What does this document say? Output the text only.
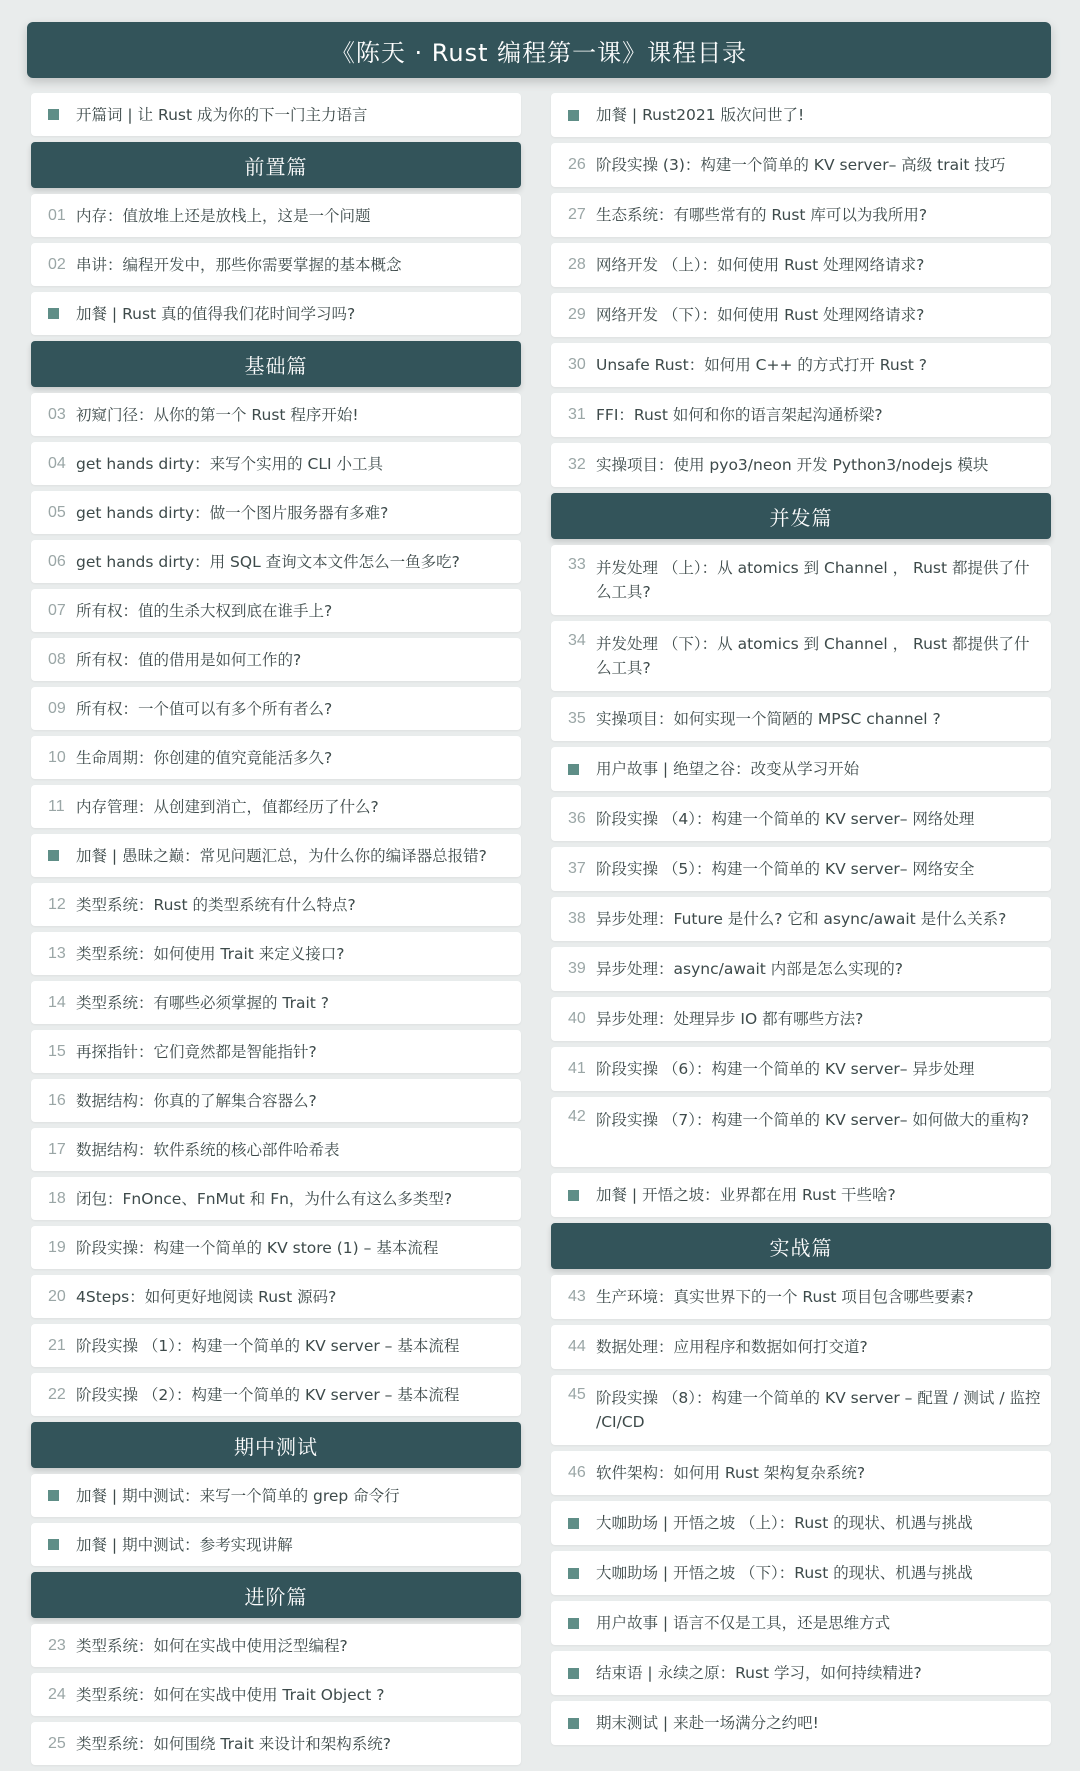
《陈天 · Rust 编程第一课》课程目录
开篇词 | 让 Rust 成为你的下一门主力语言
前置篇
01 内存：值放堆上还是放栈上，这是一个问题
02 串讲：编程开发中，那些你需要掌握的基本概念
加餐 | Rust 真的值得我们花时间学习吗?
基础篇
03 初窥门径：从你的第一个 Rust 程序开始!
04 get hands dirty：来写个实用的 CLI 小工具
05 get hands dirty：做一个图片服务器有多难?
06 get hands dirty：用 SQL 查询文本文件怎么一鱼多吃?
07 所有权：值的生杀大权到底在谁手上?
08 所有权：值的借用是如何工作的?
09 所有权：一个值可以有多个所有者么?
10 生命周期：你创建的值究竟能活多久?
11 内存管理：从创建到消亡，值都经历了什么?
加餐 | 愚昧之巅：常见问题汇总，为什么你的编译器总报错?
12 类型系统：Rust 的类型系统有什么特点?
13 类型系统：如何使用 Trait 来定义接口?
14 类型系统：有哪些必须掌握的 Trait ?
15 再探指针：它们竟然都是智能指针?
16 数据结构：你真的了解集合容器么?
17 数据结构：软件系统的核心部件哈希表
18 闭包：FnOnce、FnMut 和 Fn，为什么有这么多类型?
19 阶段实操：构建一个简单的 KV store (1) – 基本流程
20 4Steps：如何更好地阅读 Rust 源码?
21 阶段实操 （1）：构建一个简单的 KV server – 基本流程
22 阶段实操 （2）：构建一个简单的 KV server – 基本流程
期中测试
加餐 | 期中测试：来写一个简单的 grep 命令行
加餐 | 期中测试：参考实现讲解
进阶篇
23 类型系统：如何在实战中使用泛型编程?
24 类型系统：如何在实战中使用 Trait Object ?
25 类型系统：如何围绕 Trait 来设计和架构系统?
加餐 | Rust2021 版次问世了!
26 阶段实操 (3)：构建一个简单的 KV server– 高级 trait 技巧
27 生态系统：有哪些常有的 Rust 库可以为我所用?
28 网络开发 （上）：如何使用 Rust 处理网络请求?
29 网络开发 （下）：如何使用 Rust 处理网络请求?
30 Unsafe Rust：如何用 C++ 的方式打开 Rust ?
31 FFI：Rust 如何和你的语言架起沟通桥梁?
32 实操项目：使用 pyo3/neon 开发 Python3/nodejs 模块
并发篇
33 并发处理 （上）：从 atomics 到 Channel ， Rust 都提供了什么工具?
34 并发处理 （下）：从 atomics 到 Channel ， Rust 都提供了什么工具?
35 实操项目：如何实现一个简陋的 MPSC channel ?
用户故事 | 绝望之谷：改变从学习开始
36 阶段实操 （4）：构建一个简单的 KV server– 网络处理
37 阶段实操 （5）：构建一个简单的 KV server– 网络安全
38 异步处理：Future 是什么? 它和 async/await 是什么关系?
39 异步处理：async/await 内部是怎么实现的?
40 异步处理：处理异步 IO 都有哪些方法?
41 阶段实操 （6）：构建一个简单的 KV server– 异步处理
42 阶段实操 （7）：构建一个简单的 KV server– 如何做大的重构?
加餐 | 开悟之坡：业界都在用 Rust 干些啥?
实战篇
43 生产环境：真实世界下的一个 Rust 项目包含哪些要素?
44 数据处理：应用程序和数据如何打交道?
45 阶段实操 （8）：构建一个简单的 KV server – 配置 / 测试 / 监控 /CI/CD
46 软件架构：如何用 Rust 架构复杂系统?
大咖助场 | 开悟之坡 （上）：Rust 的现状、机遇与挑战
大咖助场 | 开悟之坡 （下）：Rust 的现状、机遇与挑战
用户故事 | 语言不仅是工具，还是思维方式
结束语 | 永续之原：Rust 学习，如何持续精进?
期末测试 | 来赴一场满分之约吧!
